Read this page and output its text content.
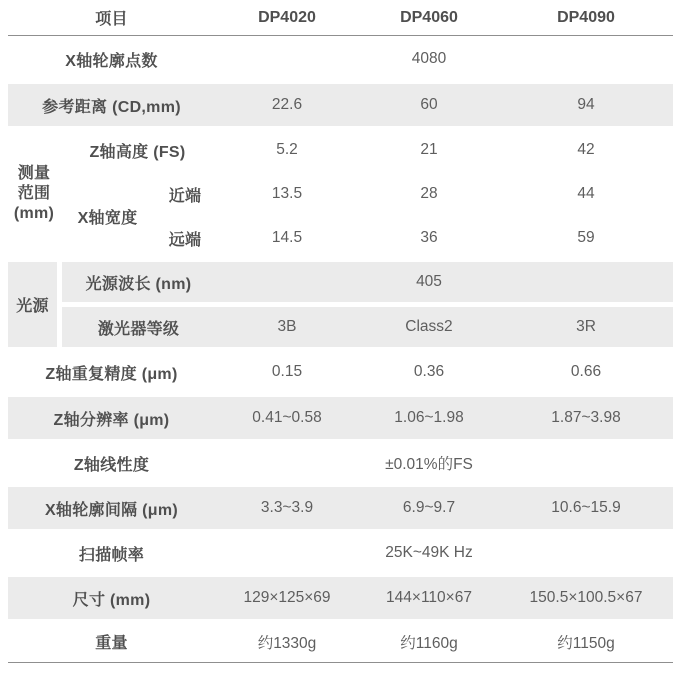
项目	DP4020	DP4060	DP4090
X轴轮廓点数	4080
参考距离 (CD,mm)	22.6	60	94
测量
范围
(mm)
Z轴高度 (FS)	5.2	21	42
X轴宽度
近端	13.5	28	44
远端	14.5	36	59
光源
光源波长 (nm)	405
激光器等级	3B	Class2	3R
Z轴重复精度 (μm)	0.15	0.36	0.66
Z轴分辨率 (μm)	0.41~0.58	1.06~1.98	1.87~3.98
Z轴线性度	±0.01%的FS
X轴轮廓间隔 (μm)	3.3~3.9	6.9~9.7	10.6~15.9
扫描帧率	25K~49K Hz
尺寸 (mm)	129×125×69	144×110×67	150.5×100.5×67
重量	约1330g	约1160g	约1150g
